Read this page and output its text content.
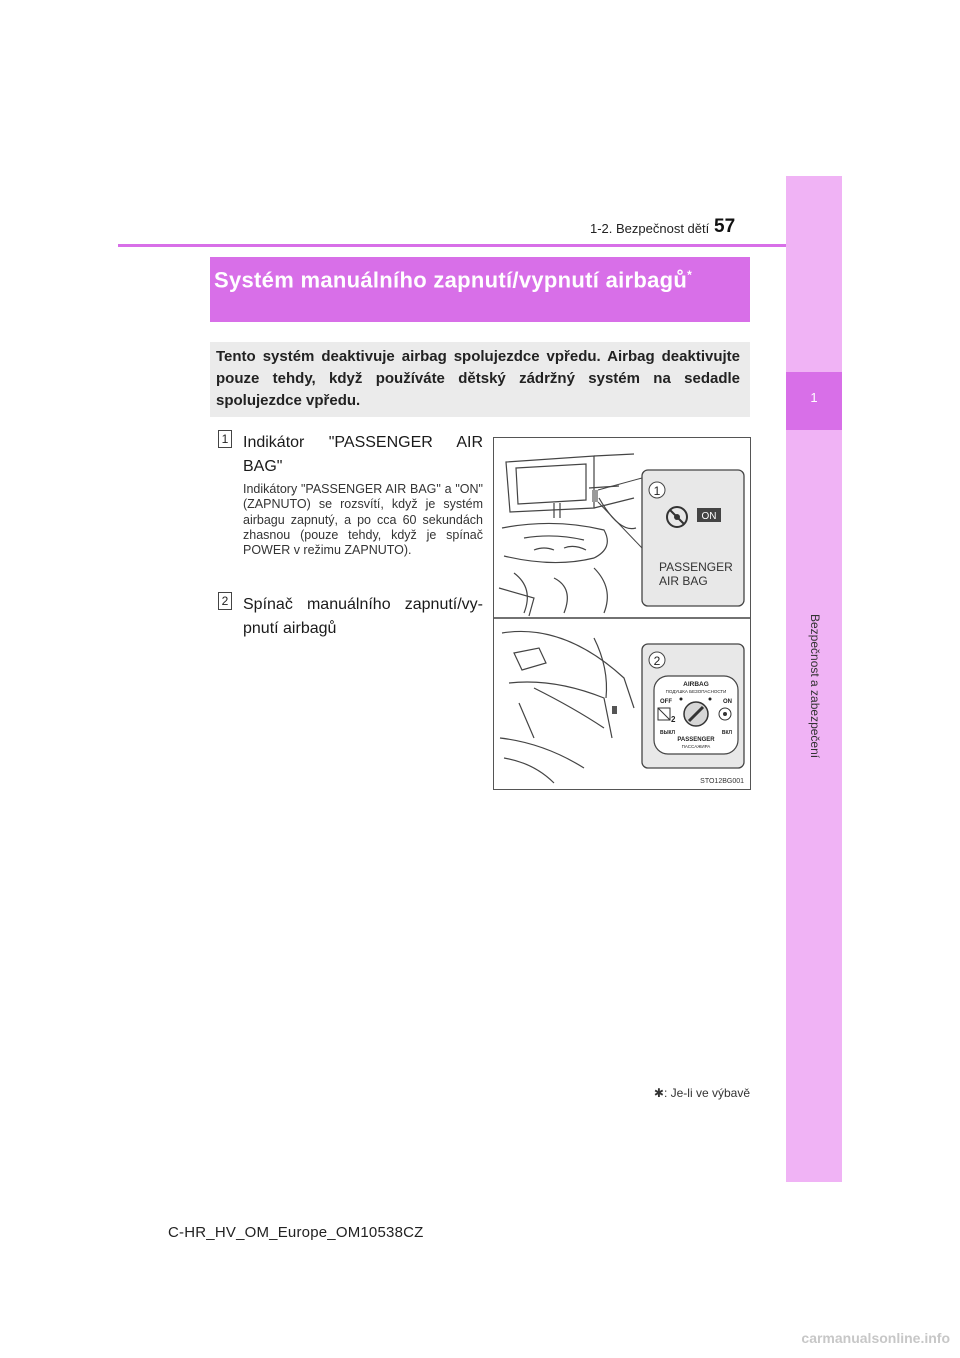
1
Bezpečnost a zabezpečení
1-2. Bezpečnost dětí 57
Systém manuálního zapnutí/vypnutí airbagů*
Tento systém deaktivuje airbag spolujezdce vpředu. Airbag deaktivujte pouze tehdy, když používáte dětský zádržný systém na sedadle spolujezdce vpředu.
1 Indikátor "PASSENGER AIR BAG"
Indikátory "PASSENGER AIR BAG" a "ON" (ZAPNUTO) se rozsvítí, když je systém airbagu zapnutý, a po cca 60 sekundách zhasnou (pouze tehdy, když je spínač POWER v režimu ZAPNUTO).
2 Spínač manuálního zapnutí/vy-pnutí airbagů
1
ON
PASSENGER
AIR BAG
2
AIRBAG
ПОДУШКА БЕЗОПАСНОСТИ
OFF	ON
2
ВЫКЛ	ВКЛ
PASSENGER
ПАССАЖИРА
STO12BG001
✱: Je-li ve výbavě
C-HR_HV_OM_Europe_OM10538CZ
carmanualsonline.info
